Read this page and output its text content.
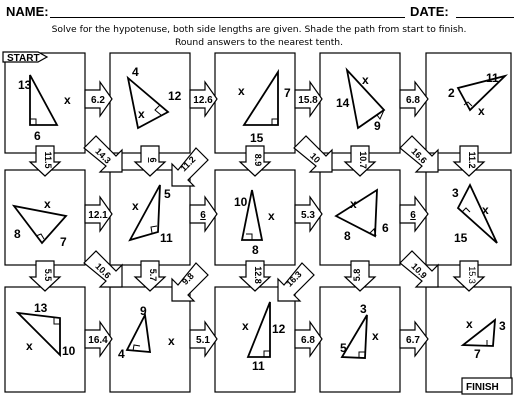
NAME:	DATE:
Solve for the hypotenuse, both side lengths are given. Shade the path from start to finish.
Round answers to the nearest tenth.
START
FINISH
13
6
x
4
12
x
x
15
7
14
9
x
2
11
x
8
7
x
5
11
x	10
8
x
8
6
x
3
15
x
13
10
x
9
4
x
12
11
x
3
5
x
3
7
x
6.2	12.6	15.8	6.8
12.1	6	5.3	6
16.4	5.1	6.8	6.7
11.5	14.3	6 11.2	8.9	10	10.7	16.6	11.2
5.5	10.6	5.7 9.8	12.8 16.3	5.8	10.9	15.3
